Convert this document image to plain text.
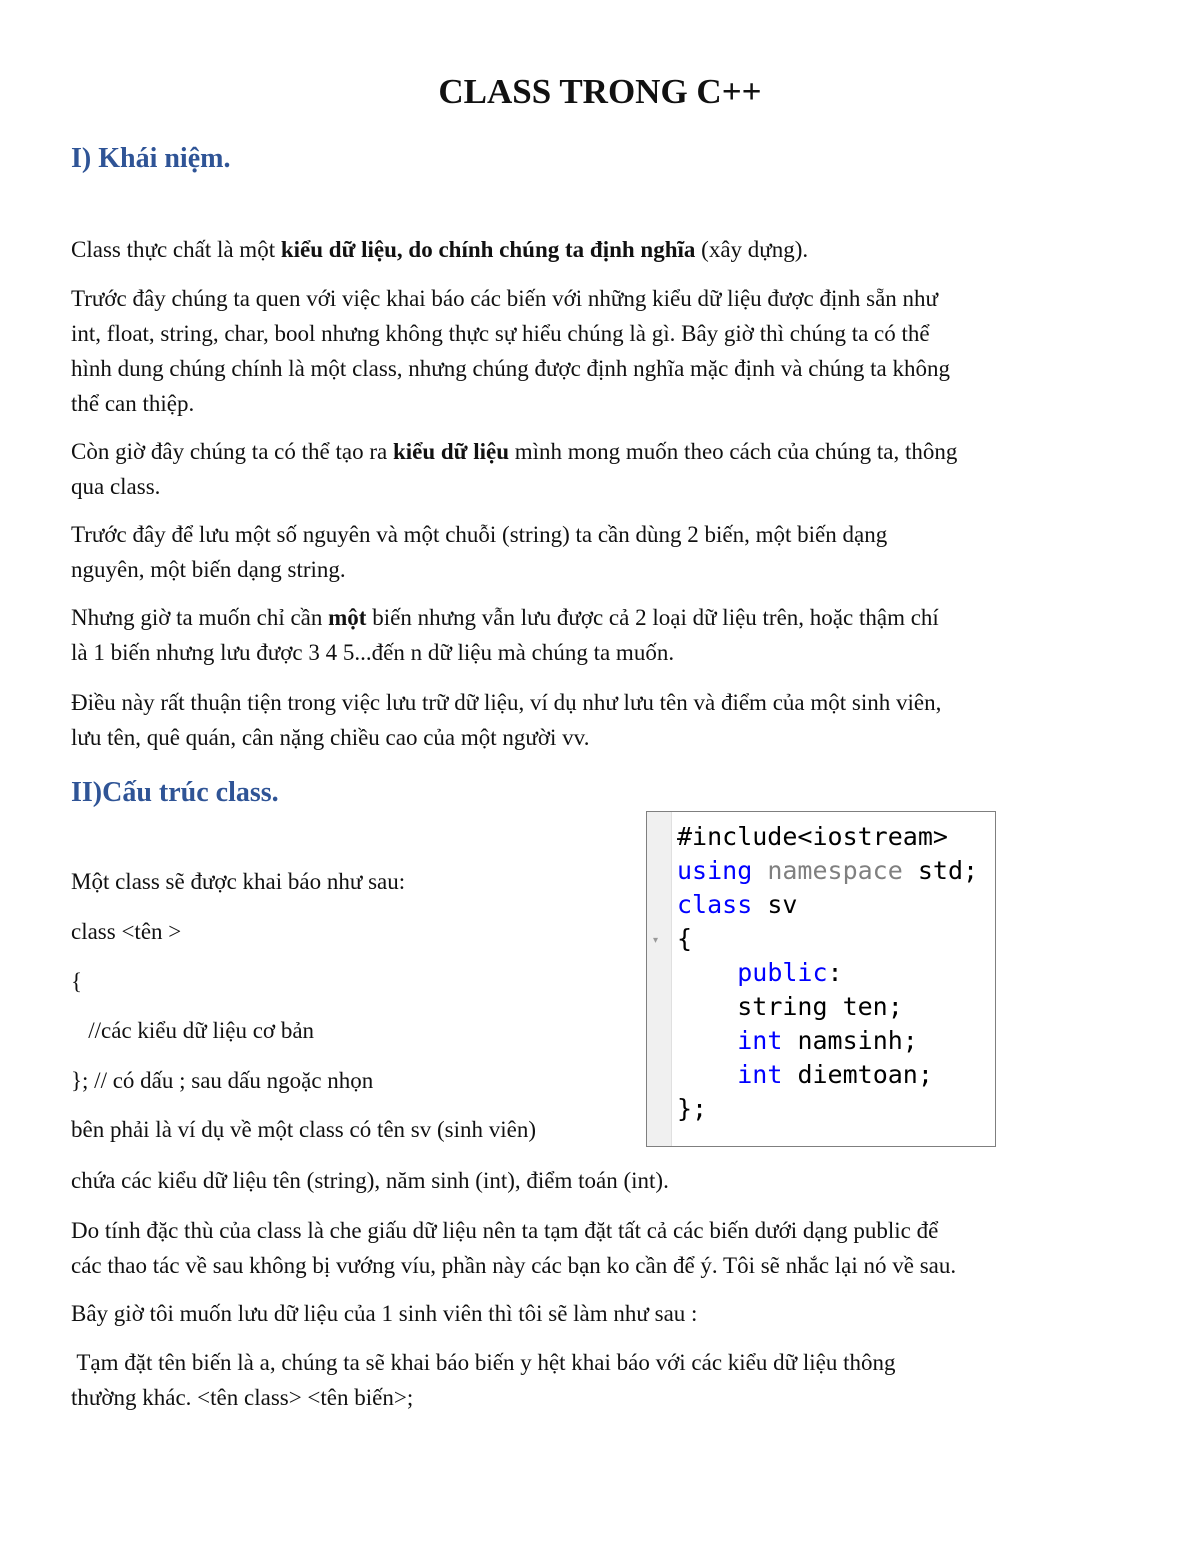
CLASS TRONG C++
I) Khái niệm.

Class thực chất là một kiểu dữ liệu, do chính chúng ta định nghĩa (xây dựng).

Trước đây chúng ta quen với việc khai báo các biến với những kiểu dữ liệu được định sẵn như
int, float, string, char, bool nhưng không thực sự hiểu chúng là gì. Bây giờ thì chúng ta có thể
hình dung chúng chính là một class, nhưng chúng được định nghĩa mặc định và chúng ta không
thể can thiệp.

Còn giờ đây chúng ta có thể tạo ra kiểu dữ liệu mình mong muốn theo cách của chúng ta, thông
qua class.

Trước đây để lưu một số nguyên và một chuỗi (string) ta cần dùng 2 biến, một biến dạng
nguyên, một biến dạng string.

Nhưng giờ ta muốn chỉ cần một biến nhưng vẫn lưu được cả 2 loại dữ liệu trên, hoặc thậm chí
là 1 biến nhưng lưu được 3 4 5...đến n dữ liệu mà chúng ta muốn.

Điều này rất thuận tiện trong việc lưu trữ dữ liệu, ví dụ như lưu tên và điểm của một sinh viên,
lưu tên, quê quán, cân nặng chiều cao của một người vv.

II)Cấu trúc class.

Một class sẽ được khai báo như sau:

class <tên >

{

//các kiểu dữ liệu cơ bản

}; // có dấu ; sau dấu ngoặc nhọn

bên phải là ví dụ về một class có tên sv (sinh viên)

chứa các kiểu dữ liệu tên (string), năm sinh (int), điểm toán (int).

Do tính đặc thù của class là che giấu dữ liệu nên ta tạm đặt tất cả các biến dưới dạng public để
các thao tác về sau không bị vướng víu, phần này các bạn ko cần để ý. Tôi sẽ nhắc lại nó về sau.

Bây giờ tôi muốn lưu dữ liệu của 1 sinh viên thì tôi sẽ làm như sau :

Tạm đặt tên biến là a, chúng ta sẽ khai báo biến y hệt khai báo với các kiểu dữ liệu thông
thường khác. <tên class> <tên biến>;

▾
#include<iostream>
using namespace std;
class sv
{
public:
string ten;
int namsinh;
int diemtoan;
};
